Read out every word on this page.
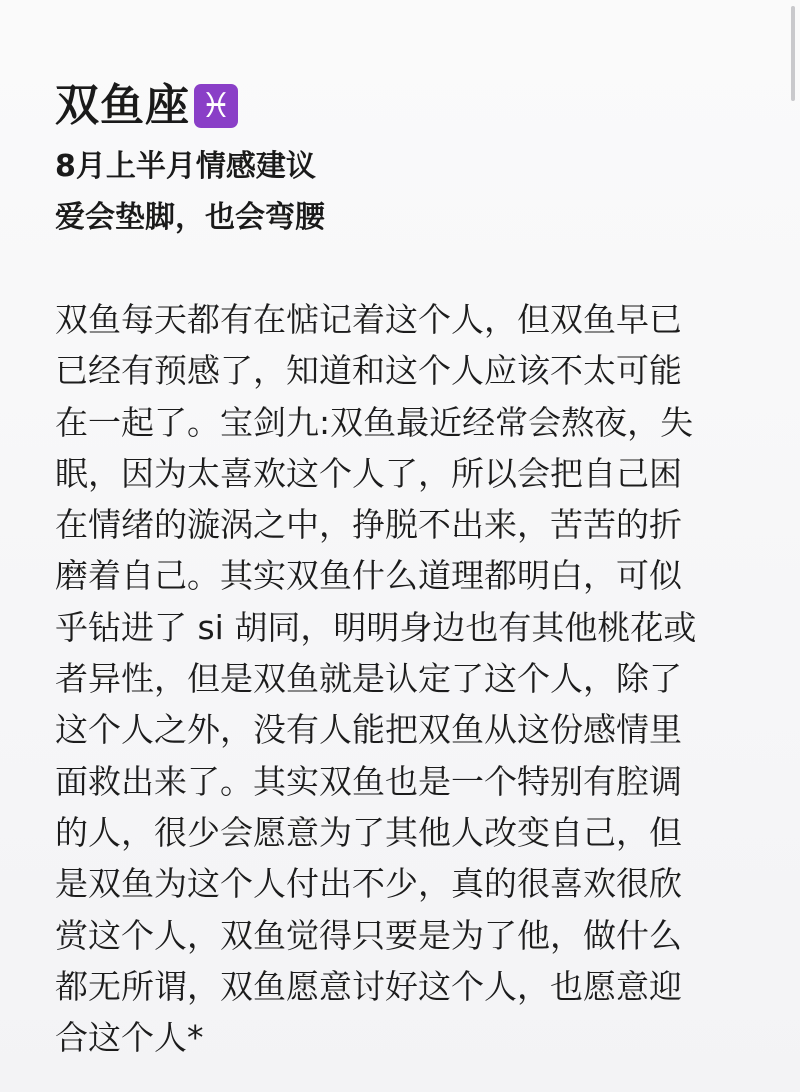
双鱼座 ♓
8月上半月情感建议
爱会垫脚，也会弯腰
双鱼每天都有在惦记着这个人，但双鱼早已
已经有预感了，知道和这个人应该不太可能
在一起了。宝剑九:双鱼最近经常会熬夜，失
眠，因为太喜欢这个人了，所以会把自己困
在情绪的漩涡之中，挣脱不出来，苦苦的折
磨着自己。其实双鱼什么道理都明白，可似
乎钻进了 si 胡同，明明身边也有其他桃花或
者异性，但是双鱼就是认定了这个人，除了
这个人之外，没有人能把双鱼从这份感情里
面救出来了。其实双鱼也是一个特别有腔调
的人，很少会愿意为了其他人改变自己，但
是双鱼为这个人付出不少，真的很喜欢很欣
赏这个人，双鱼觉得只要是为了他，做什么
都无所谓，双鱼愿意讨好这个人，也愿意迎
合这个人*
